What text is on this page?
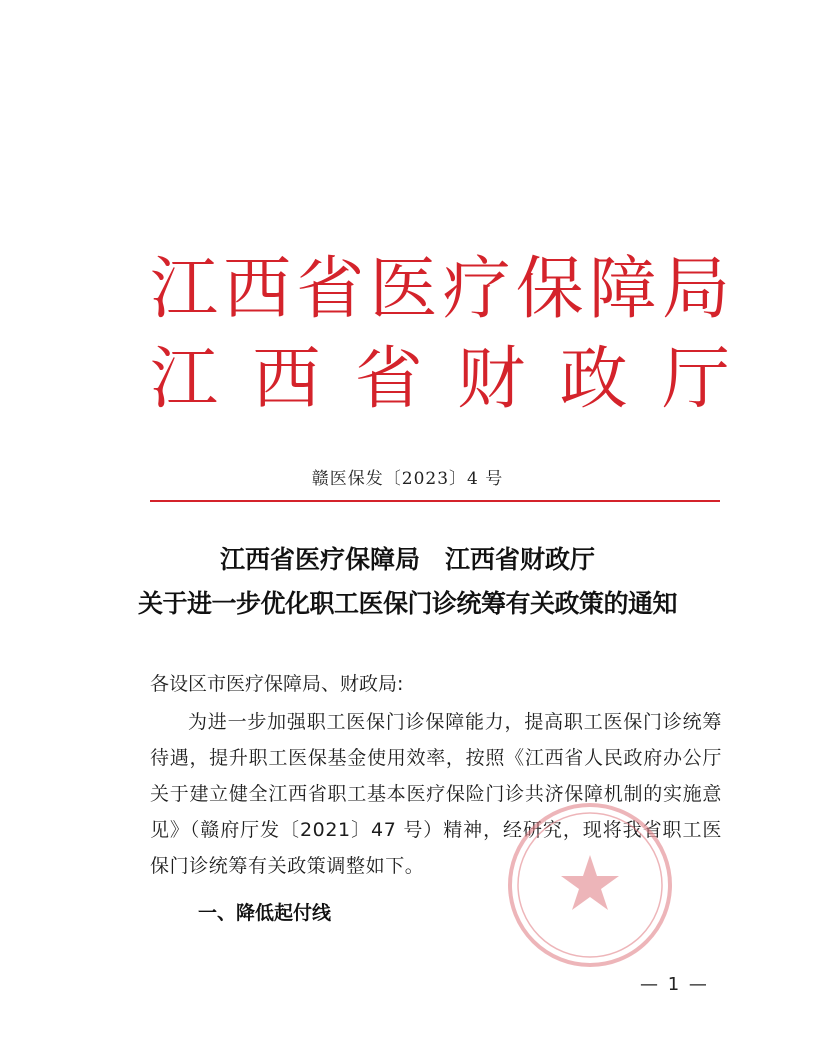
江 西 省 医 疗 保 障 局
江 西 省 财 政 厅
赣医保发〔2023〕4 号
江西省医疗保障局　江西省财政厅
关于进一步优化职工医保门诊统筹有关政策的通知
各设区市医疗保障局、财政局:
为进一步加强职工医保门诊保障能力，提高职工医保门诊统筹待遇，提升职工医保基金使用效率，按照《江西省人民政府办公厅关于建立健全江西省职工基本医疗保险门诊共济保障机制的实施意见》（赣府厅发〔2021〕47 号）精神，经研究，现将我省职工医保门诊统筹有关政策调整如下。
一、降低起付线
— 1 —
